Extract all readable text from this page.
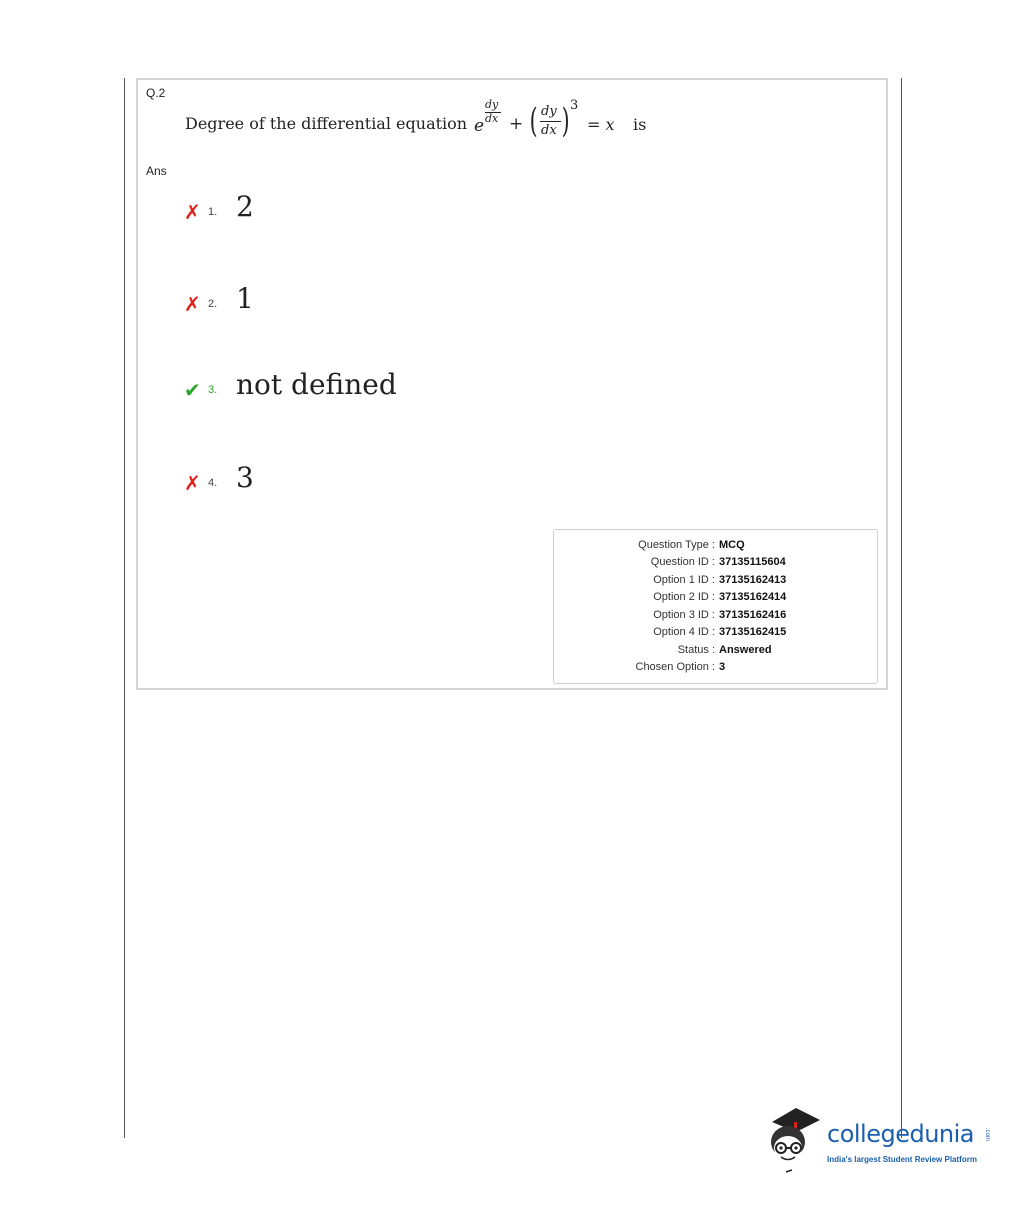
Q.2
Degree of the differential equation e
dy
dx + ( dy
dx ) 3
= x is
Ans
✗ 1. 2
✗ 2. 1
✔ 3. not defined
✗ 4. 3
Question Type : MCQ
Question ID : 37135115604
Option 1 ID : 37135162413
Option 2 ID : 37135162414
Option 3 ID : 37135162416
Option 4 ID : 37135162415
Status : Answered
Chosen Option : 3
collegedunia .com
India's largest Student Review Platform
